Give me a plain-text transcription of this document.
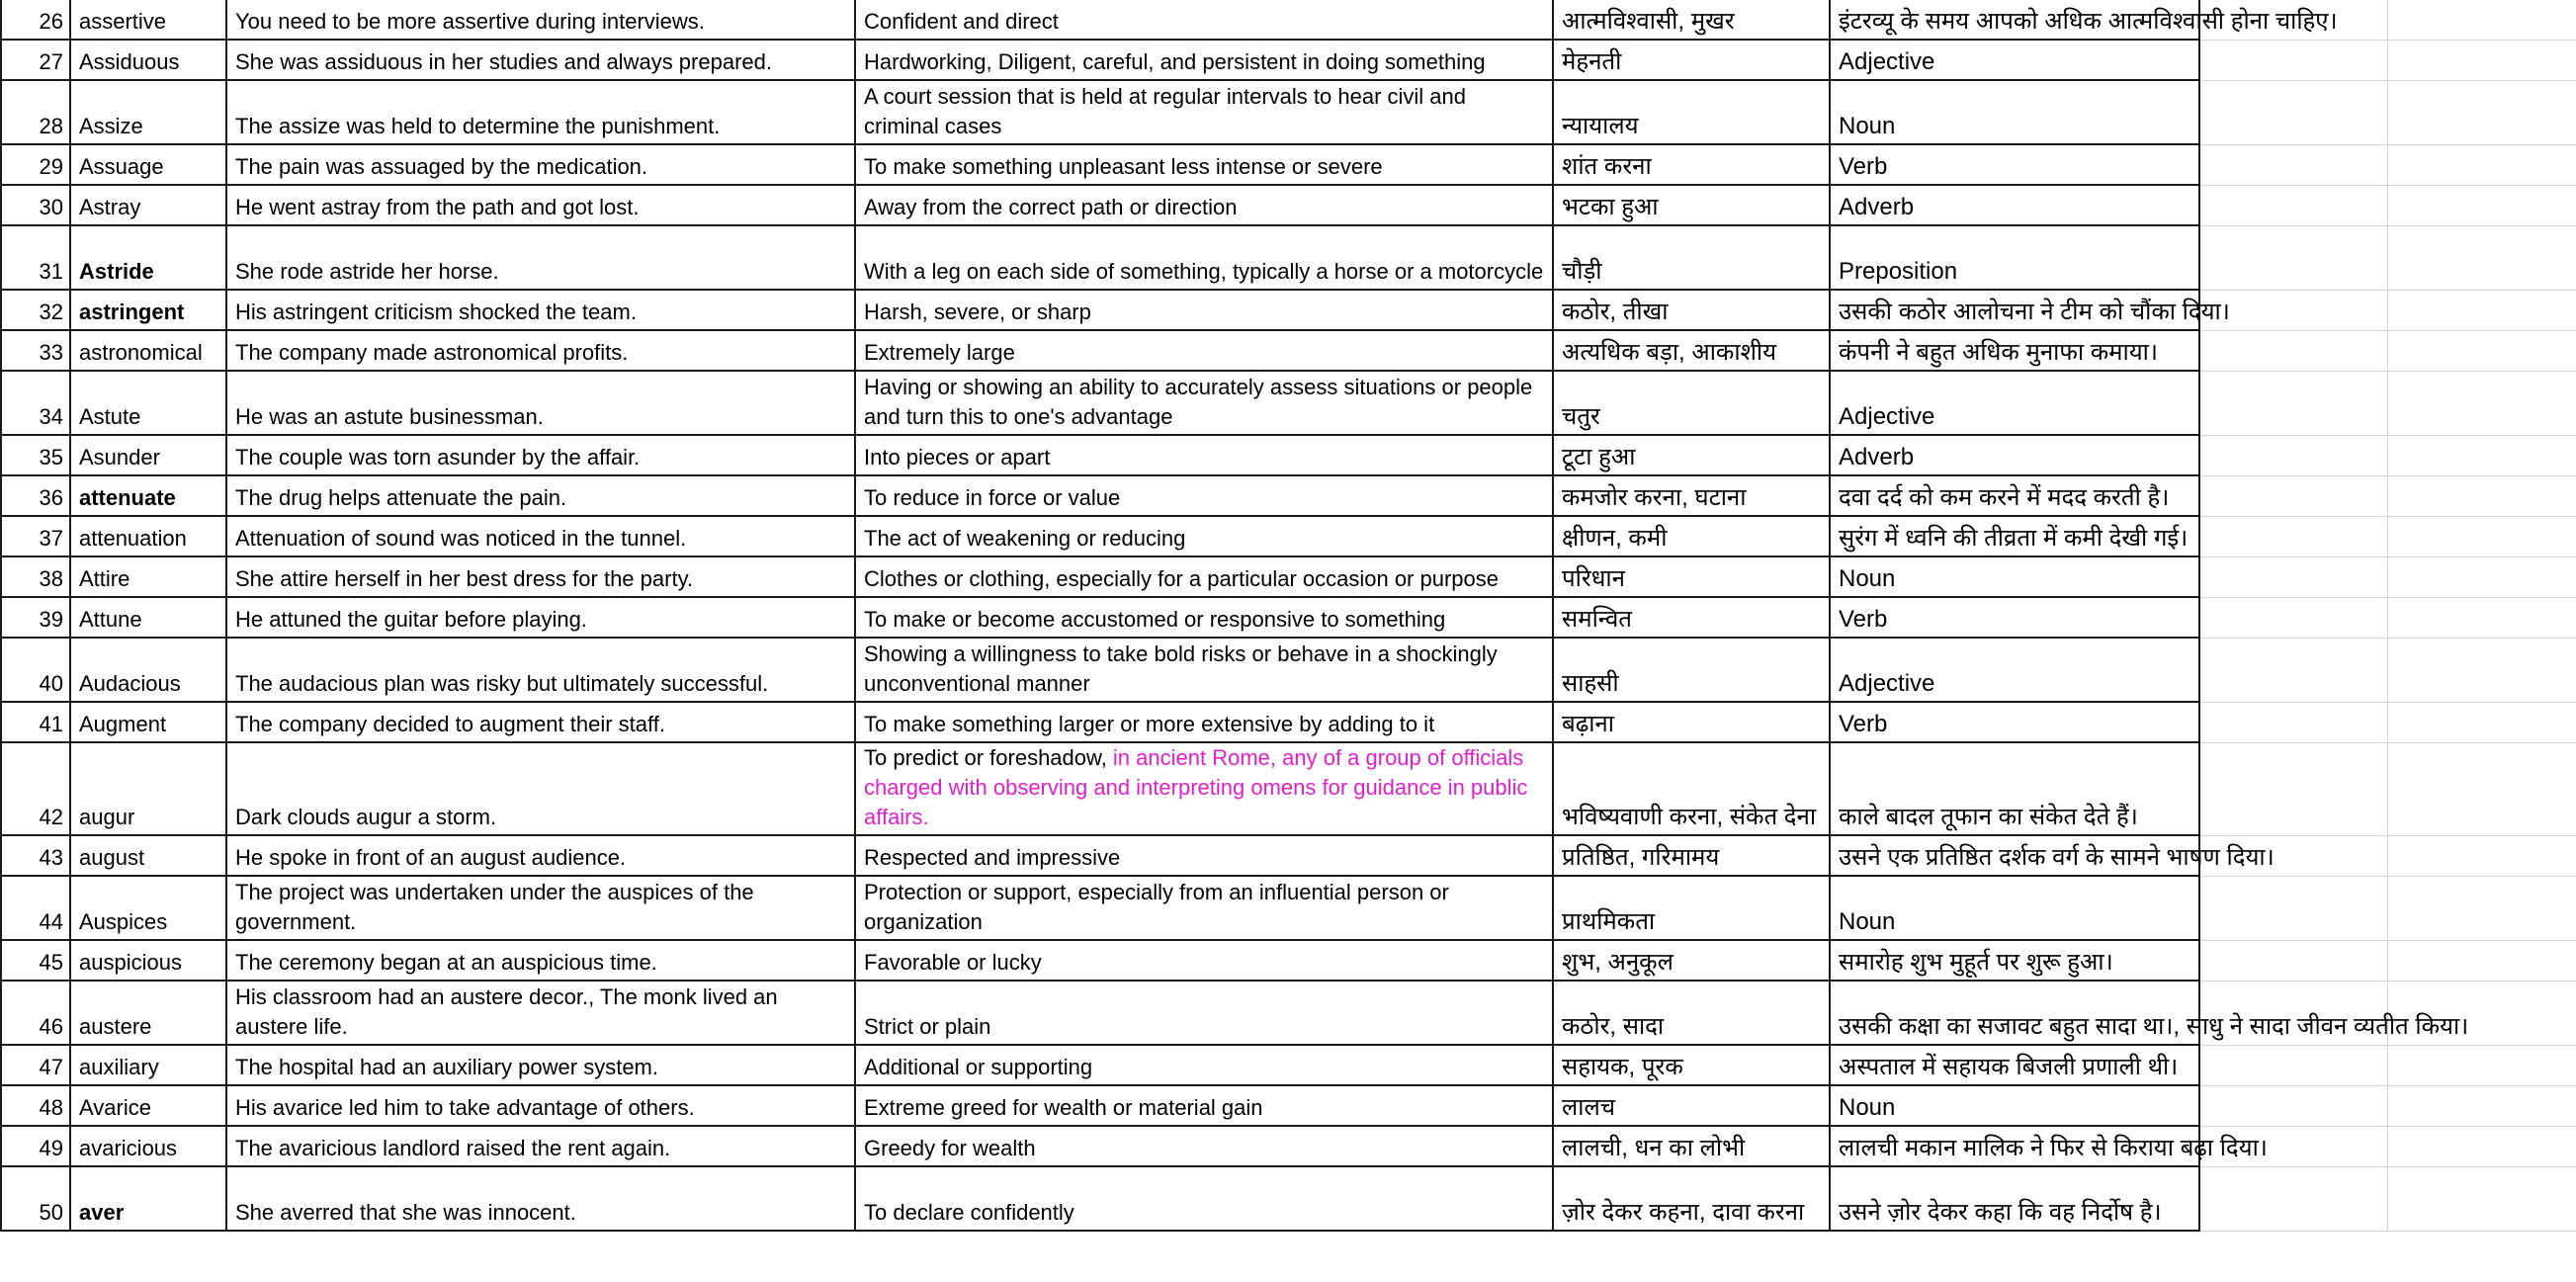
26	assertive	You need to be more assertive during interviews.	Confident and direct	आत्मविश्वासी, मुखर	इंटरव्यू के समय आपको अधिक आत्मविश्वासी होना चाहिए।		
27	Assiduous	She was assiduous in her studies and always prepared.	Hardworking, Diligent, careful, and persistent in doing something	मेहनती	Adjective		
28	Assize	The assize was held to determine the punishment.	A court session that is held at regular intervals to hear civil and criminal cases	न्यायालय	Noun		
29	Assuage	The pain was assuaged by the medication.	To make something unpleasant less intense or severe	शांत करना	Verb		
30	Astray	He went astray from the path and got lost.	Away from the correct path or direction	भटका हुआ	Adverb		
31	Astride	She rode astride her horse.	With a leg on each side of something, typically a horse or a motorcycle	चौड़ी	Preposition		
32	astringent	His astringent criticism shocked the team.	Harsh, severe, or sharp	कठोर, तीखा	उसकी कठोर आलोचना ने टीम को चौंका दिया।		
33	astronomical	The company made astronomical profits.	Extremely large	अत्यधिक बड़ा, आकाशीय	कंपनी ने बहुत अधिक मुनाफा कमाया।		
34	Astute	He was an astute businessman.	Having or showing an ability to accurately assess situations or people and turn this to one's advantage	चतुर	Adjective		
35	Asunder	The couple was torn asunder by the affair.	Into pieces or apart	टूटा हुआ	Adverb		
36	attenuate	The drug helps attenuate the pain.	To reduce in force or value	कमजोर करना, घटाना	दवा दर्द को कम करने में मदद करती है।		
37	attenuation	Attenuation of sound was noticed in the tunnel.	The act of weakening or reducing	क्षीणन, कमी	सुरंग में ध्वनि की तीव्रता में कमी देखी गई।		
38	Attire	She attire herself in her best dress for the party.	Clothes or clothing, especially for a particular occasion or purpose	परिधान	Noun		
39	Attune	He attuned the guitar before playing.	To make or become accustomed or responsive to something	समन्वित	Verb		
40	Audacious	The audacious plan was risky but ultimately successful.	Showing a willingness to take bold risks or behave in a shockingly unconventional manner	साहसी	Adjective		
41	Augment	The company decided to augment their staff.	To make something larger or more extensive by adding to it	बढ़ाना	Verb		
42	augur	Dark clouds augur a storm.	To predict or foreshadow, in ancient Rome, any of a group of officials charged with observing and interpreting omens for guidance in public affairs.	भविष्यवाणी करना, संकेत देना	काले बादल तूफान का संकेत देते हैं।		
43	august	He spoke in front of an august audience.	Respected and impressive	प्रतिष्ठित, गरिमामय	उसने एक प्रतिष्ठित दर्शक वर्ग के सामने भाषण दिया।		
44	Auspices	The project was undertaken under the auspices of the government.	Protection or support, especially from an influential person or organization	प्राथमिकता	Noun		
45	auspicious	The ceremony began at an auspicious time.	Favorable or lucky	शुभ, अनुकूल	समारोह शुभ मुहूर्त पर शुरू हुआ।		
46	austere	His classroom had an austere decor., The monk lived an austere life.	Strict or plain	कठोर, सादा	उसकी कक्षा का सजावट बहुत सादा था।, साधु ने सादा जीवन व्यतीत किया।		
47	auxiliary	The hospital had an auxiliary power system.	Additional or supporting	सहायक, पूरक	अस्पताल में सहायक बिजली प्रणाली थी।		
48	Avarice	His avarice led him to take advantage of others.	Extreme greed for wealth or material gain	लालच	Noun		
49	avaricious	The avaricious landlord raised the rent again.	Greedy for wealth	लालची, धन का लोभी	लालची मकान मालिक ने फिर से किराया बढ़ा दिया।		
50	aver	She averred that she was innocent.	To declare confidently	ज़ोर देकर कहना, दावा करना	उसने ज़ोर देकर कहा कि वह निर्दोष है।		
